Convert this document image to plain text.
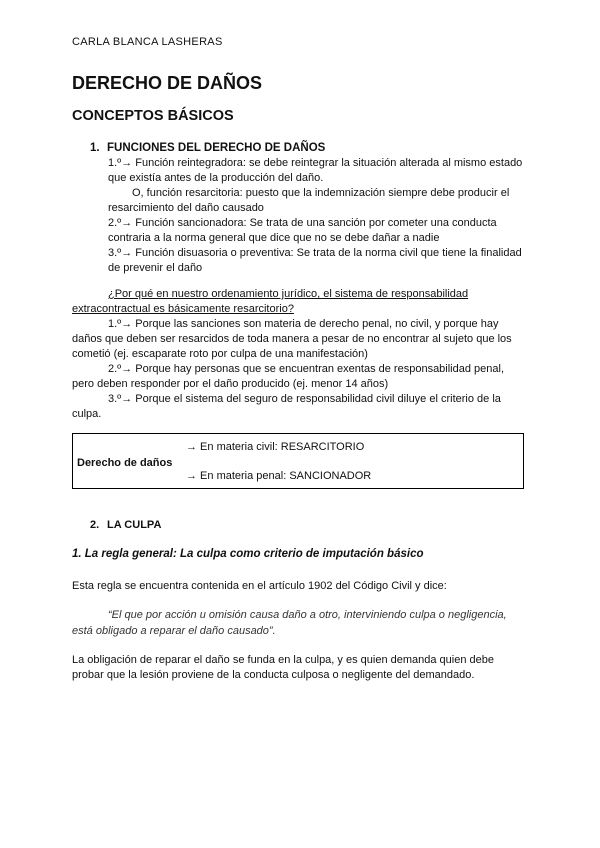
CARLA BLANCA LASHERAS
DERECHO DE DAÑOS
CONCEPTOS BÁSICOS
1. FUNCIONES DEL DERECHO DE DAÑOS
1.º→ Función reintegradora: se debe reintegrar la situación alterada al mismo estado
que existía antes de la producción del daño.
O, función resarcitoria: puesto que la indemnización siempre debe producir el
resarcimiento del daño causado
2.º→ Función sancionadora: Se trata de una sanción por cometer una conducta
contraria a la norma general que dice que no se debe dañar a nadie
3.º→ Función disuasoria o preventiva: Se trata de la norma civil que tiene la finalidad
de prevenir el daño
¿Por qué en nuestro ordenamiento jurídico, el sistema de responsabilidad
extracontractual es básicamente resarcitorio?
1.º→ Porque las sanciones son materia de derecho penal, no civil, y porque hay
daños que deben ser resarcidos de toda manera a pesar de no encontrar al sujeto que los
cometió (ej. escaparate roto por culpa de una manifestación)
2.º→ Porque hay personas que se encuentran exentas de responsabilidad penal,
pero deben responder por el daño producido (ej. menor 14 años)
3.º→ Porque el sistema del seguro de responsabilidad civil diluye el criterio de la
culpa.
Derecho de daños
→ En materia civil: RESARCITORIO
→ En materia penal: SANCIONADOR
2. LA CULPA
1. La regla general: La culpa como criterio de imputación básico
Esta regla se encuentra contenida en el artículo 1902 del Código Civil y dice:
“El que por acción u omisión causa daño a otro, interviniendo culpa o negligencia,
está obligado a reparar el daño causado”.
La obligación de reparar el daño se funda en la culpa, y es quien demanda quien debe
probar que la lesión proviene de la conducta culposa o negligente del demandado.
